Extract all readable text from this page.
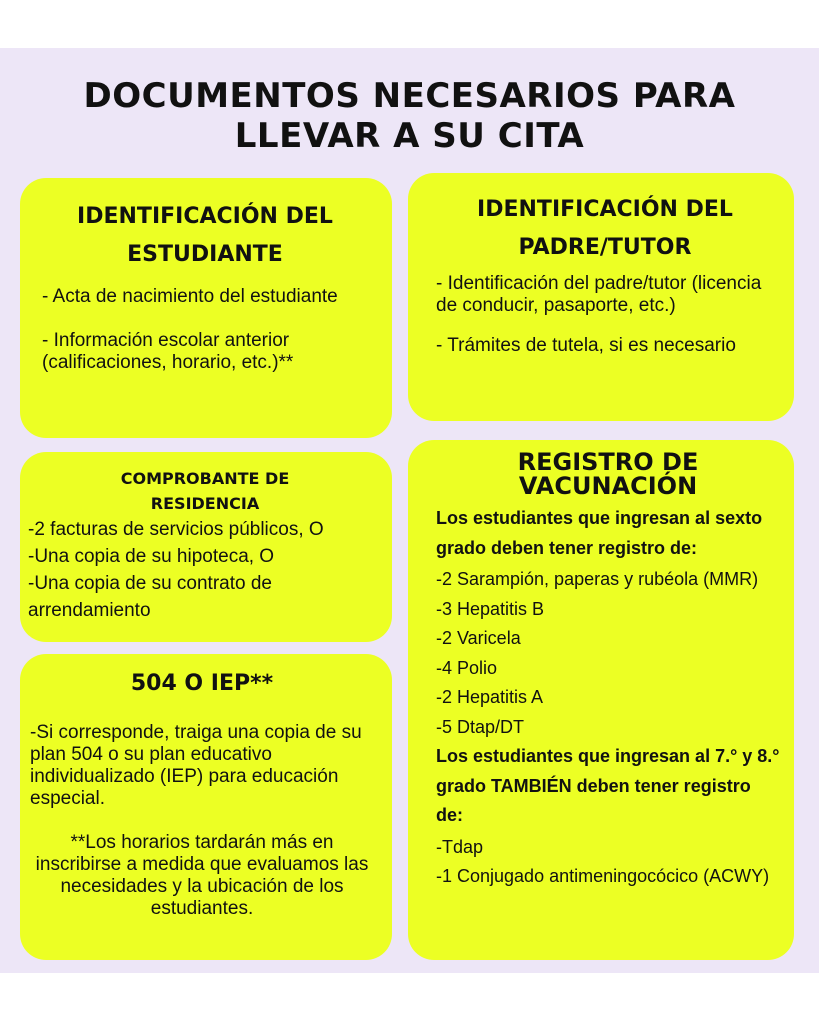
DOCUMENTOS NECESARIOS PARA
LLEVAR A SU CITA
IDENTIFICACIÓN DEL
ESTUDIANTE

- Acta de nacimiento del estudiante

- Información escolar anterior (calificaciones, horario, etc.)**

IDENTIFICACIÓN DEL
PADRE/TUTOR

- Identificación del padre/tutor (licencia de conducir, pasaporte, etc.)

- Trámites de tutela, si es necesario

COMPROBANTE DE
RESIDENCIA

-2 facturas de servicios públicos, O

-Una copia de su hipoteca, O

-Una copia de su contrato de arrendamiento

504 O IEP**

-Si corresponde, traiga una copia de su plan 504 o su plan educativo individualizado (IEP) para educación especial.

**Los horarios tardarán más en inscribirse a medida que evaluamos las necesidades y la ubicación de los estudiantes.

REGISTRO DE
VACUNACIÓN

Los estudiantes que ingresan al sexto grado deben tener registro de:

-2 Sarampión, paperas y rubéola (MMR)

-3 Hepatitis B

-2 Varicela

-4 Polio

-2 Hepatitis A

-5 Dtap/DT

Los estudiantes que ingresan al 7.° y 8.° grado TAMBIÉN deben tener registro de:

-Tdap

-1 Conjugado antimeningocócico (ACWY)
